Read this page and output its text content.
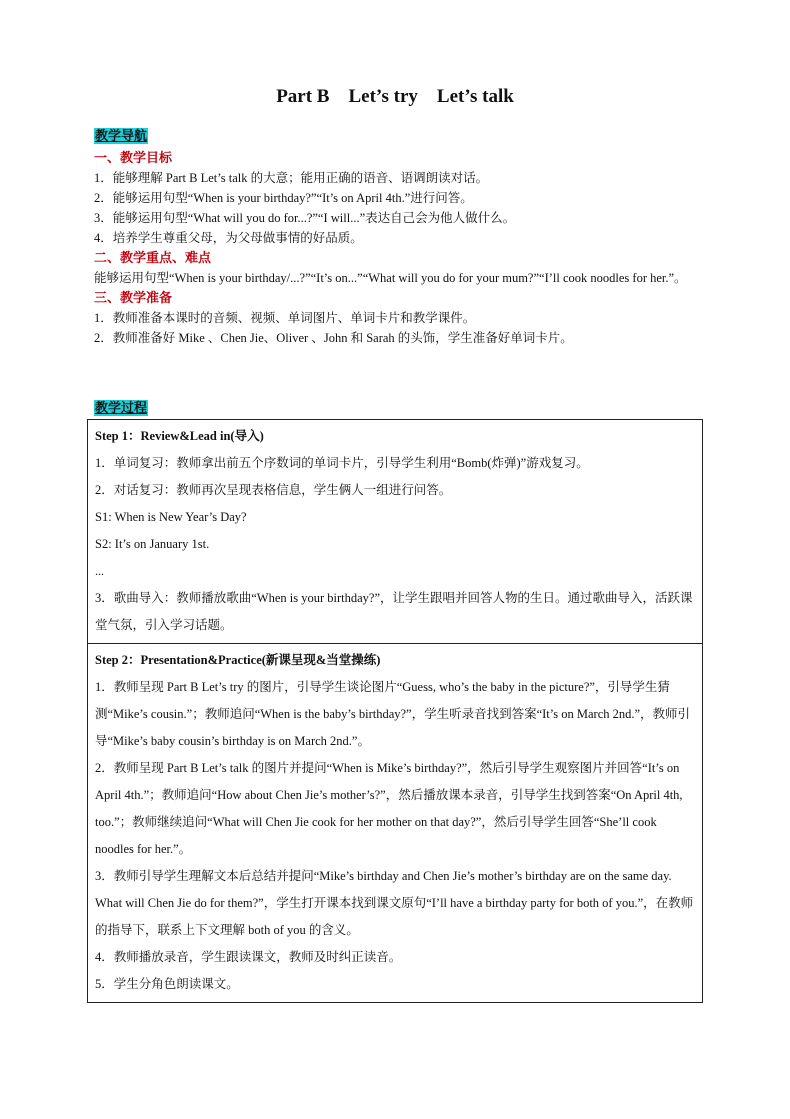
Part B    Let’s try    Let’s talk
教学导航
一、教学目标
1．能够理解 Part B Let’s talk 的大意；能用正确的语音、语调朗读对话。
2．能够运用句型“When is your birthday?”“It’s on April 4th.”进行问答。
3．能够运用句型“What will you do for...?”“I will...”表达自己会为他人做什么。
4．培养学生尊重父母，为父母做事情的好品质。
二、教学重点、难点
能够运用句型“When is your birthday/...?”“It’s on...”“What will you do for your mum?”“I’ll cook noodles for her.”。
三、教学准备
1．教师准备本课时的音频、视频、单词图片、单词卡片和教学课件。
2．教师准备好 Mike 、Chen Jie、Oliver 、John 和 Sarah 的头饰，学生准备好单词卡片。
教学过程
Step 1：Review&Lead in(导入)
1．单词复习：教师拿出前五个序数词的单词卡片，引导学生利用“Bomb(炸弹)”游戏复习。
2．对话复习：教师再次呈现表格信息，学生俩人一组进行问答。
S1: When is New Year’s Day?
S2: It’s on January 1st.
...
3．歌曲导入：教师播放歌曲“When is your birthday?”，让学生跟唱并回答人物的生日。通过歌曲导入，活跃课堂气氛，引入学习话题。

Step 2：Presentation&Practice(新课呈现&当堂操练)
1．教师呈现 Part B Let’s try 的图片，引导学生谈论图片“Guess, who’s the baby in the picture?”，引导学生猜测“Mike’s cousin.”；教师追问“When is the baby’s birthday?”，学生听录音找到答案“It’s on March 2nd.”，教师引导“Mike’s baby cousin’s birthday is on March 2nd.”。
2．教师呈现 Part B Let’s talk 的图片并提问“When is Mike’s birthday?”，然后引导学生观察图片并回答“It’s on April 4th.”；教师追问“How about Chen Jie’s mother’s?”，然后播放课本录音，引导学生找到答案“On April 4th, too.”；教师继续追问“What will Chen Jie cook for her mother on that day?”，然后引导学生回答“She’ll cook noodles for her.”。
3．教师引导学生理解文本后总结并提问“Mike’s birthday and Chen Jie’s mother’s birthday are on the same day. What will Chen Jie do for them?”，学生打开课本找到课文原句“I’ll have a birthday party for both of you.”，在教师的指导下，联系上下文理解 both of you 的含义。
4．教师播放录音，学生跟读课文，教师及时纠正读音。
5．学生分角色朗读课文。
